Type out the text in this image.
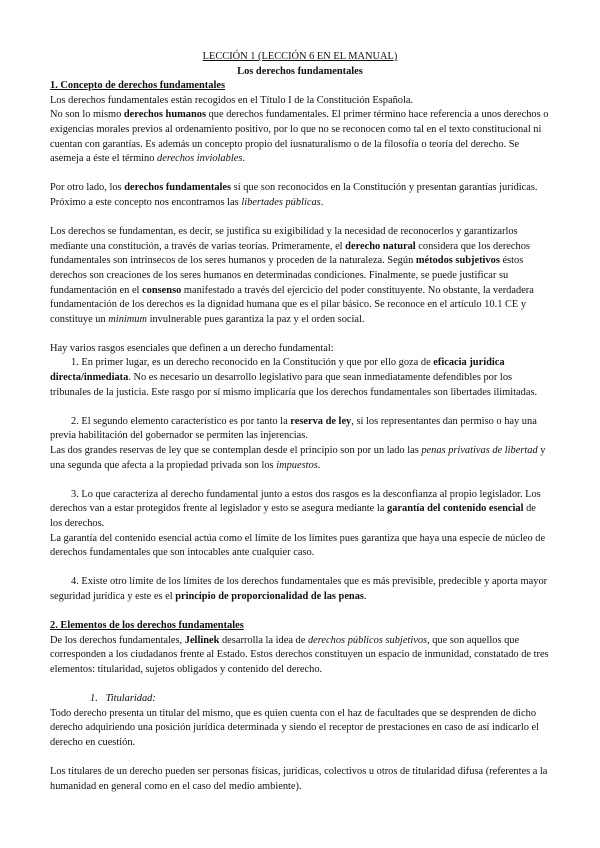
LECCIÓN 1 (LECCIÓN 6 EN EL MANUAL)

Los derechos fundamentales

1. Concepto de derechos fundamentales

Los derechos fundamentales están recogidos en el Título I de la Constitución Española.
No son lo mismo derechos humanos que derechos fundamentales. El primer término hace referencia a unos derechos o exigencias morales previos al ordenamiento positivo, por lo que no se reconocen como tal en el texto constitucional ni cuentan con garantías. Es además un concepto propio del iusnaturalismo o de la filosofía o teoría del derecho. Se asemeja a éste el término derechos inviolables.

Por otro lado, los derechos fundamentales sí que son reconocidos en la Constitución y presentan garantías jurídicas. Próximo a este concepto nos encontramos las libertades públicas.

Los derechos se fundamentan, es decir, se justifica su exigibilidad y la necesidad de reconocerlos y garantizarlos mediante una constitución, a través de varias teorías. Primeramente, el derecho natural considera que los derechos fundamentales son intrínsecos de los seres humanos y proceden de la naturaleza. Según métodos subjetivos éstos derechos son creaciones de los seres humanos en determinadas condiciones. Finalmente, se puede justificar su fundamentación en el consenso manifestado a través del ejercicio del poder constituyente. No obstante, la verdadera fundamentación de los derechos es la dignidad humana que es el pilar básico. Se reconoce en el artículo 10.1 CE y constituye un minimum invulnerable pues garantiza la paz y el orden social.

Hay varios rasgos esenciales que definen a un derecho fundamental:

1. En primer lugar, es un derecho reconocido en la Constitución y que por ello goza de eficacia jurídica directa/inmediata. No es necesario un desarrollo legislativo para que sean inmediatamente defendibles por los tribunales de la justicia. Este rasgo por sí mismo implicaría que los derechos fundamentales son libertades ilimitadas.

2. El segundo elemento característico es por tanto la reserva de ley, si los representantes dan permiso o hay una previa habilitación del gobernador se permiten las injerencias.

Las dos grandes reservas de ley que se contemplan desde el principio son por un lado las penas privativas de libertad y una segunda que afecta a la propiedad privada son los impuestos.

3. Lo que caracteriza al derecho fundamental junto a estos dos rasgos es la desconfianza al propio legislador. Los derechos van a estar protegidos frente al legislador y esto se asegura mediante la garantía del contenido esencial de los derechos.

La garantía del contenido esencial actúa como el límite de los límites pues garantiza que haya una especie de núcleo de derechos fundamentales que son intocables ante cualquier caso.

4. Existe otro límite de los límites de los derechos fundamentales que es más previsible, predecible y aporta mayor seguridad jurídica y este es el principio de proporcionalidad de las penas.

2. Elementos de los derechos fundamentales

De los derechos fundamentales, Jellinek desarrolla la idea de derechos públicos subjetivos, que son aquellos que corresponden a los ciudadanos frente al Estado. Estos derechos constituyen un espacio de inmunidad, constatado de tres elementos: titularidad, sujetos obligados y contenido del derecho.

1.   Titularidad:

Todo derecho presenta un titular del mismo, que es quien cuenta con el haz de facultades que se desprenden de dicho derecho adquiriendo una posición jurídica determinada y siendo el receptor de prestaciones en caso de así indicarlo el derecho en cuestión.

Los titulares de un derecho pueden ser personas físicas, jurídicas, colectivos u otros de titularidad difusa (referentes a la humanidad en general como en el caso del medio ambiente).
